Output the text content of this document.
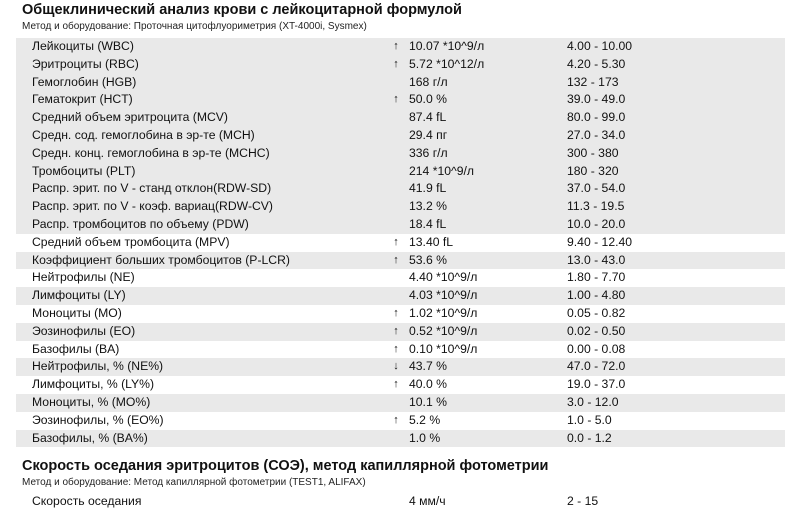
Общеклинический анализ крови с лейкоцитарной формулой
Метод и оборудование: Проточная цитофлуориметрия (XT-4000i, Sysmex)
Лейкоциты (WBC)	↑ 10.07 *10^9/л	4.00 - 10.00
Эритроциты (RBC)	↑ 5.72 *10^12/л	4.20 - 5.30
Гемоглобин (HGB)	168 г/л	132 - 173
Гематокрит (HCT)	↑ 50.0 %	39.0 - 49.0
Средний объем эритроцита (MCV)	87.4 fL	80.0 - 99.0
Средн. сод. гемоглобина в эр-те (MCH)	29.4 пг	27.0 - 34.0
Средн. конц. гемоглобина в эр-те (MCHC)	336 г/л	300 - 380
Тромбоциты (PLT)	214 *10^9/л	180 - 320
Распр. эрит. по V - станд отклон(RDW-SD)	41.9 fL	37.0 - 54.0
Распр. эрит. по V - коэф. вариац(RDW-CV)	13.2 %	11.3 - 19.5
Распр. тромбоцитов по объему (PDW)	18.4 fL	10.0 - 20.0
Средний объем тромбоцита (MPV)	↑ 13.40 fL	9.40 - 12.40
Коэффициент больших тромбоцитов (P-LCR)	↑ 53.6 %	13.0 - 43.0
Нейтрофилы (NE)	4.40 *10^9/л	1.80 - 7.70
Лимфоциты (LY)	4.03 *10^9/л	1.00 - 4.80
Моноциты (MO)	↑ 1.02 *10^9/л	0.05 - 0.82
Эозинофилы (EO)	↑ 0.52 *10^9/л	0.02 - 0.50
Базофилы (BA)	↑ 0.10 *10^9/л	0.00 - 0.08
Нейтрофилы, % (NE%)	↓ 43.7 %	47.0 - 72.0
Лимфоциты, % (LY%)	↑ 40.0 %	19.0 - 37.0
Моноциты, % (MO%)	10.1 %	3.0 - 12.0
Эозинофилы, % (EO%)	↑ 5.2 %	1.0 - 5.0
Базофилы, % (BA%)	1.0 %	0.0 - 1.2
Скорость оседания эритроцитов (СОЭ), метод капиллярной фотометрии
Метод и оборудование: Метод капиллярной фотометрии (TEST1, ALIFAX)
Скорость оседания	4 мм/ч	2 - 15
